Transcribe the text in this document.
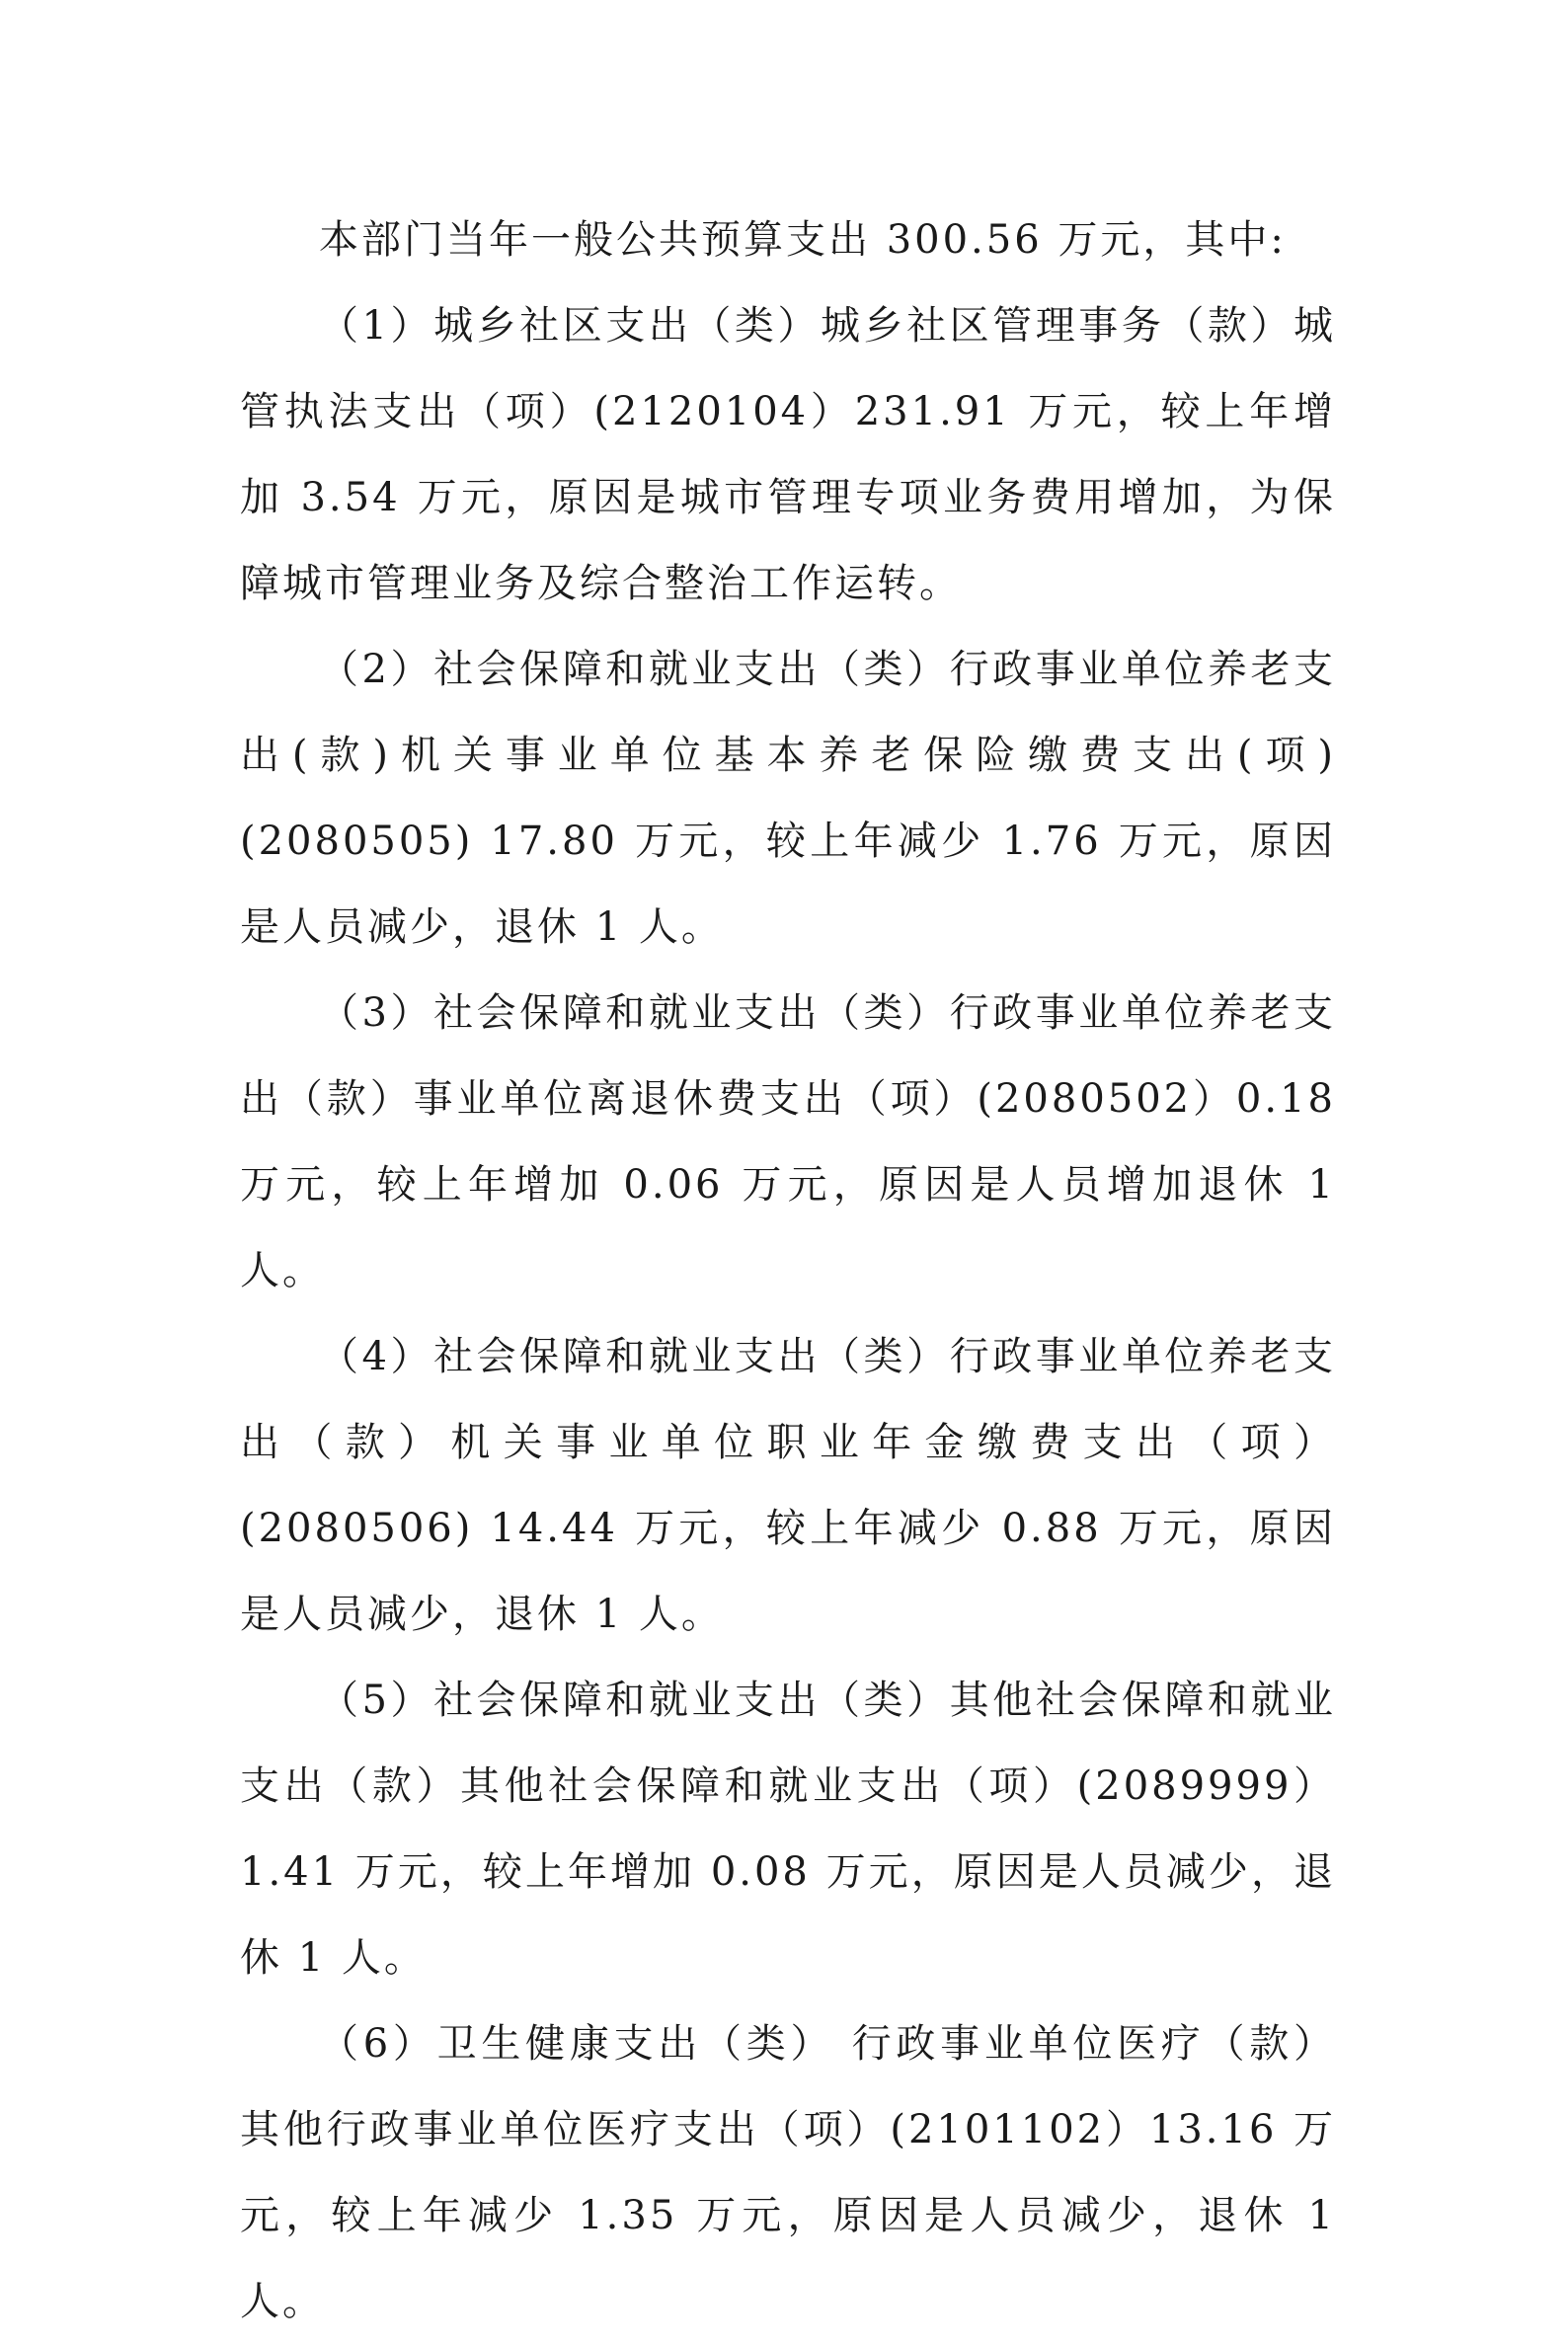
本部门当年一般公共预算支出 300.56 万元，其中:

（1）城乡社区支出（类）城乡社区管理事务（款）城管执法支出（项）(2120104）231.91 万元，较上年增加 3.54 万元，原因是城市管理专项业务费用增加，为保障城市管理业务及综合整治工作运转。

（2）社会保障和就业支出（类）行政事业单位养老支出(款)机关事业单位基本养老保险缴费支出(项)(2080505) 17.80 万元，较上年减少 1.76 万元，原因是人员减少，退休 1 人。

（3）社会保障和就业支出（类）行政事业单位养老支出（款）事业单位离退休费支出（项）(2080502）0.18 万元，较上年增加 0.06 万元，原因是人员增加退休 1 人。

（4）社会保障和就业支出（类）行政事业单位养老支出（款）机关事业单位职业年金缴费支出（项）(2080506) 14.44 万元，较上年减少 0.88 万元，原因是人员减少，退休 1 人。

（5）社会保障和就业支出（类）其他社会保障和就业支出（款）其他社会保障和就业支出（项）(2089999）1.41 万元，较上年增加 0.08 万元，原因是人员减少，退休 1 人。

（6）卫生健康支出（类） 行政事业单位医疗（款）其他行政事业单位医疗支出（项）(2101102）13.16 万元，较上年减少 1.35 万元，原因是人员减少，退休 1 人。
